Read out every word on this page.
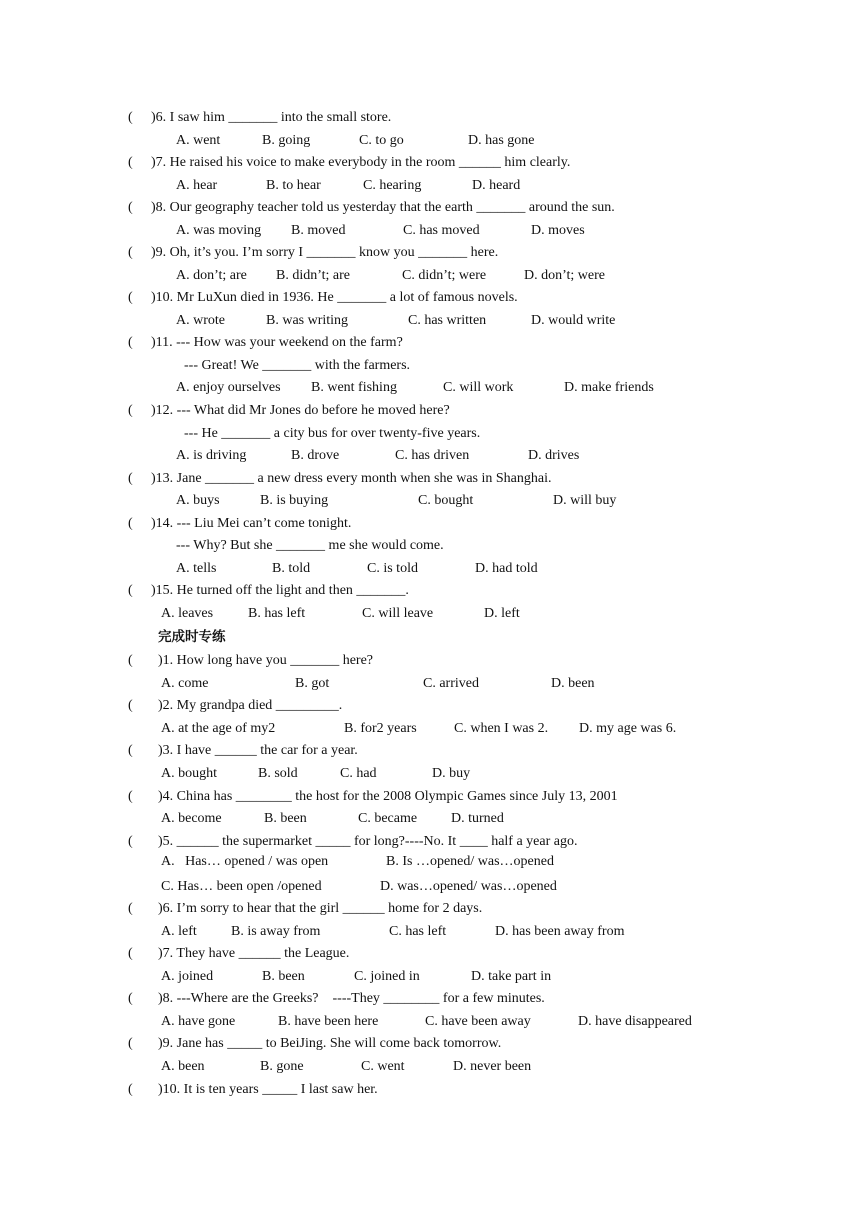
( )6. I saw him _______ into the small store.
A. went	B. going	C. to go	D. has gone
( )7. He raised his voice to make everybody in the room ______ him clearly.
A. hear	B. to hear	C. hearing	D. heard
( )8. Our geography teacher told us yesterday that the earth _______ around the sun.
A. was moving B. moved	C. has moved	D. moves
( )9. Oh, it’s you. I’m sorry I _______ know you _______ here.
A. don’t; are B. didn’t; are	C. didn’t; were	D. don’t; were
( )10. Mr LuXun died in 1936. He _______ a lot of famous novels.
A. wrote	B. was writing	C. has written	D. would write
( )11. --- How was your weekend on the farm?
--- Great! We _______ with the farmers.
A. enjoy ourselves B. went fishing	C. will work	D. make friends
( )12. --- What did Mr Jones do before he moved here?
--- He _______ a city bus for over twenty-five years.
A. is driving	B. drove	C. has driven	D. drives
( )13. Jane _______ a new dress every month when she was in Shanghai.
A. buys	B. is buying	C. bought	D. will buy
( )14. --- Liu Mei can’t come tonight.
--- Why? But she _______ me she would come.
A. tells	B. told	C. is told	D. had told
( )15. He turned off the light and then _______.
A. leaves B. has left	C. will leave	D. left
完成时专练
( )1. How long have you _______ here?
A. come	B. got	C. arrived	D. been
( )2. My grandpa died _________.
A. at the age of my2	B. for2 years	C. when I was 2. D. my age was 6.
( )3. I have ______ the car for a year.
A. bought	B. sold	C. had	D. buy
( )4. China has ________ the host for the 2008 Olympic Games since July 13, 2001
A. become	B. been	C. became D. turned
( )5. ______ the supermarket _____ for long?----No. It ____ half a year ago.
A.   Has… opened / was open	B. Is …opened/ was…opened
C. Has… been open /opened	D. was…opened/ was…opened
( )6. I’m sorry to hear that the girl ______ home for 2 days.
A. left B. is away from	C. has left	D. has been away from
( )7. They have ______ the League.
A. joined	B. been	C. joined in	D. take part in
( )8. ---Where are the Greeks?    ----They ________ for a few minutes.
A. have gone	B. have been here	C. have been away	D. have disappeared
( )9. Jane has _____ to BeiJing. She will come back tomorrow.
A. been	B. gone	C. went	D. never been
( )10. It is ten years _____ I last saw her.
